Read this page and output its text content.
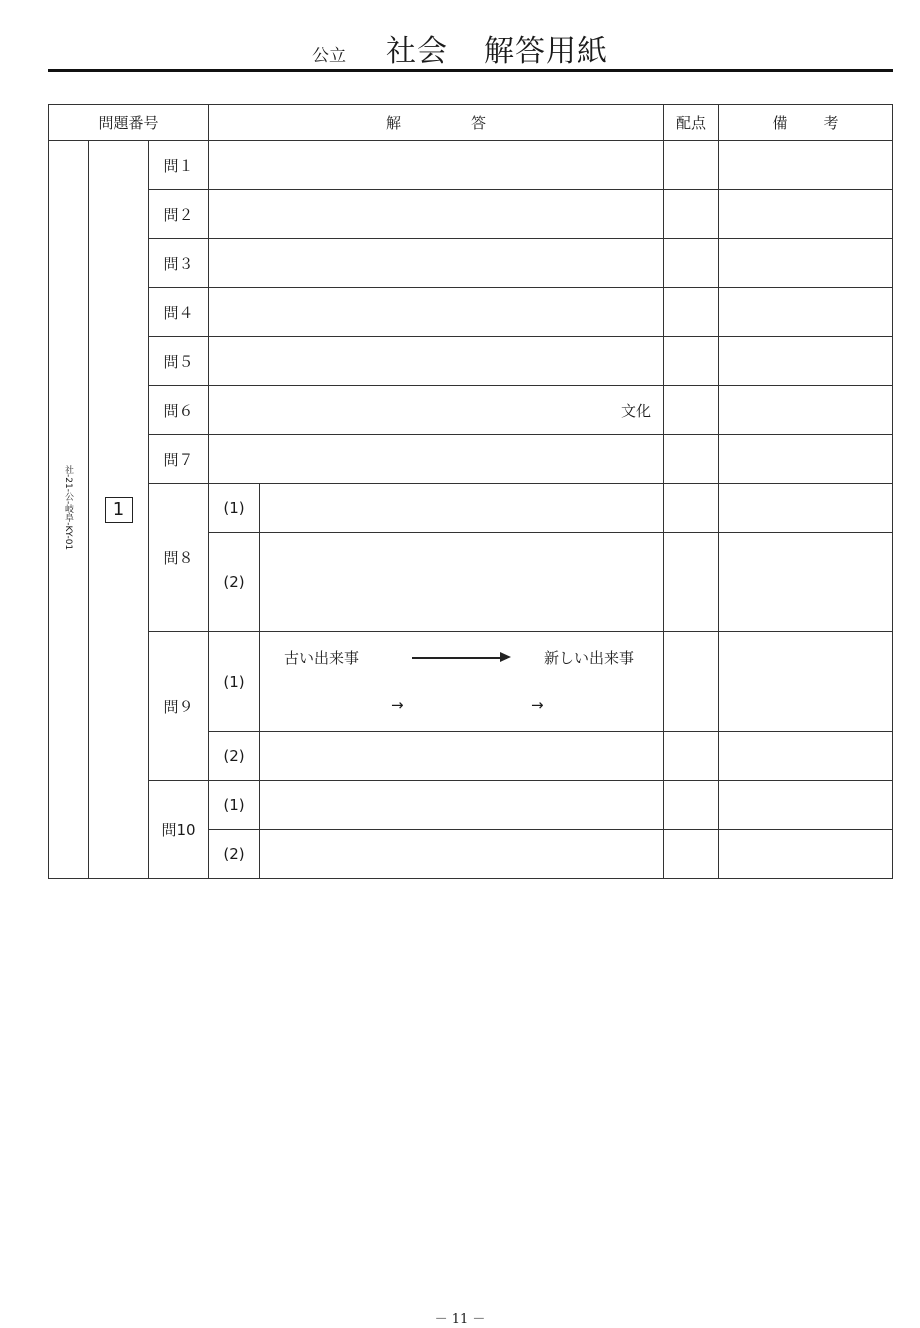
公立 社会 解答用紙
問題番号			解 答		配点	備 考
社-21-公-岐阜-KY-01	1	問１				
		問２				
		問３				
		問４				
		問５				
		問６	文化			
		問７				
		問８	(1)			
			(2)			
		問９	(1)	古い出来事 新しい出来事
→ →		

			(2)			
		問10	(1)			
			(2)			
－ 11 －
